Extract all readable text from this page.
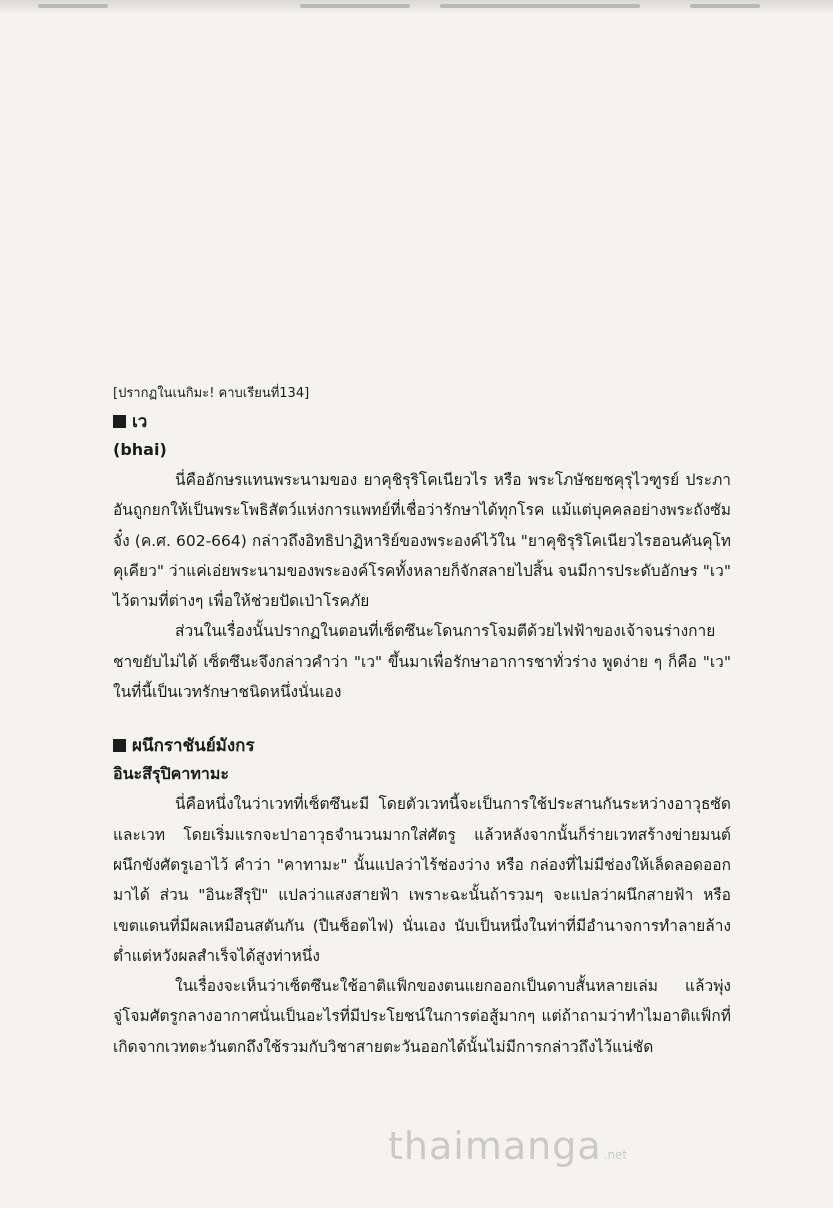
[ปรากฏในเนกิมะ! คาบเรียนที่134]

เว

(bhai)

นี่คืออักษรแทนพระนามของ ยาคุชิรุริโคเนียวไร หรือ พระโภษัชยชคุรุไวฑูรย์ ประภา อันถูกยกให้เป็นพระโพธิสัตว์แห่งการแพทย์ที่เชื่อว่ารักษาได้ทุกโรค แม้แต่บุคคลอย่างพระถังซัมจั๋ง (ค.ศ. 602-664) กล่าวถึงอิทธิปาฏิหาริย์ของพระองค์ไว้ใน "ยาคุชิรุริโคเนียวไรฮอนคันคุโทคุเคียว" ว่าแค่เอ่ยพระนามของพระองค์โรคทั้งหลายก็จักสลายไปสิ้น จนมีการประดับอักษร "เว" ไว้ตามที่ต่างๆ เพื่อให้ช่วยปัดเป่าโรคภัย

ส่วนในเรื่องนั้นปรากฏในตอนที่เซ็ตซึนะโดนการโจมตีด้วยไฟฟ้าของเจ้าจนร่างกายชาขยับไม่ได้ เซ็ตซึนะจึงกล่าวคำว่า "เว" ขึ้นมาเพื่อรักษาอาการชาทั่วร่าง พูดง่าย ๆ ก็คือ "เว" ในที่นี้เป็นเวทรักษาชนิดหนึ่งนั่นเอง

ผนึกราชันย์มังกร

อินะสึรุปิคาทามะ

นี่คือหนึ่งในว่าเวทที่เซ็ตซึนะมี โดยตัวเวทนี้จะเป็นการใช้ประสานกันระหว่างอาวุธซัดและเวท โดยเริ่มแรกจะปาอาวุธจำนวนมากใส่ศัตรู แล้วหลังจากนั้นก็ร่ายเวทสร้างข่ายมนต์ผนึกขังศัตรูเอาไว้ คำว่า "คาทามะ" นั้นแปลว่าไร้ช่องว่าง หรือ กล่องที่ไม่มีช่องให้เล็ดลอดออกมาได้ ส่วน "อินะสึรุปิ" แปลว่าแสงสายฟ้า เพราะฉะนั้นถ้ารวมๆ จะแปลว่าผนึกสายฟ้า หรือเขตแดนที่มีผลเหมือนสตันกัน (ปืนช็อตไฟ) นั่นเอง นับเป็นหนึ่งในท่าที่มีอำนาจการทำลายล้างต่ำแต่หวังผลสำเร็จได้สูงท่าหนึ่ง

ในเรื่องจะเห็นว่าเซ็ตซึนะใช้อาติแฟ็กของตนแยกออกเป็นดาบสั้นหลายเล่ม แล้วพุ่งจู่โจมศัตรูกลางอากาศนั่นเป็นอะไรที่มีประโยชน์ในการต่อสู้มากๆ แต่ถ้าถามว่าทำไมอาติแฟ็กที่เกิดจากเวทตะวันตกถึงใช้รวมกับวิชาสายตะวันออกได้นั้นไม่มีการกล่าวถึงไว้แน่ชัด

thaimanga .net
